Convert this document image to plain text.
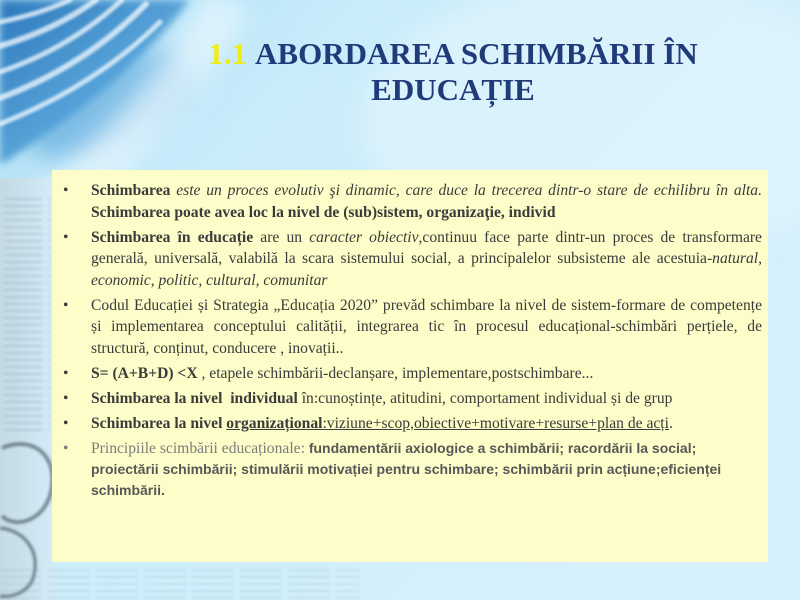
1.1 ABORDAREA SCHIMBĂRII ÎN EDUCAȚIE
• Schimbarea este un proces evolutiv şi dinamic, care duce la trecerea dintr-o stare de echilibru în alta. Schimbarea poate avea loc la nivel de (sub)sistem, organizaţie, individ
• Schimbarea în educație are un caracter obiectiv,continuu face parte dintr-un proces de transformare generală, universală, valabilă la scara sistemului social, a principalelor subsisteme ale acestuia-natural, economic, politic, cultural, comunitar
• Codul Educației și Strategia „Educația 2020” prevăd schimbare la nivel de sistem-formare de competențe și implementarea conceptului calității, integrarea tic în procesul educațional-schimbări perțiele, de structură, conținut, conducere , inovații..
• S= (A+B+D) <X , etapele schimbării-declanșare, implementare,postschimbare...
• Schimbarea la nivel  individual în:cunoștințe, atitudini, comportament individual și de grup
• Schimbarea la nivel organizațional:viziune+scop,obiective+motivare+resurse+plan de acți.
• Principiile scimbării educaționale: fundamentării axiologice a schimbării; racordării la social; proiectării schimbării; stimulării motivației pentru schimbare; schimbării prin acțiune;eficienței schimbării.
